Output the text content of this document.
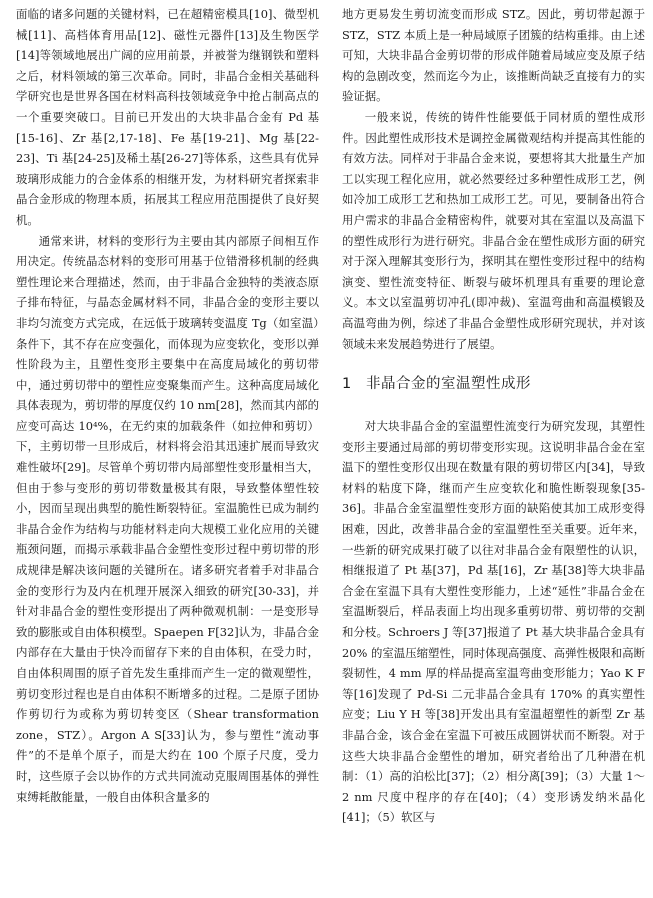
面临的诸多问题的关键材料，已在超精密模具[10]、微型机械[11]、高档体育用品[12]、磁性元器件[13]及生物医学[14]等领域地展出广阔的应用前景，并被誉为继钢铁和塑料之后，材料领域的第三次革命。同时，非晶合金相关基础科学研究也是世界各国在材料高科技领域竞争中抢占制高点的一个重要突破口。目前已开发出的大块非晶合金有 Pd 基[15-16]、Zr 基[2,17-18]、Fe 基[19-21]、Mg 基[22-23]、Ti 基[24-25]及稀土基[26-27]等体系，这些具有优异玻璃形成能力的合金体系的相继开发，为材料研究者探索非晶合金形成的物理本质，拓展其工程应用范围提供了良好契机。

通常来讲，材料的变形行为主要由其内部原子间相互作用决定。传统晶态材料的变形可用基于位错滑移机制的经典塑性理论来合理描述，然而，由于非晶合金独特的类液态原子排布特征，与晶态金属材料不同，非晶合金的变形主要以非均匀流变方式完成，在远低于玻璃转变温度 Tg（如室温）条件下，其不存在应变强化，而体现为应变软化，变形以弹性阶段为主，且塑性变形主要集中在高度局域化的剪切带中，通过剪切带中的塑性应变聚集而产生。这种高度局域化具体表现为，剪切带的厚度仅约 10 nm[28]，然而其内部的应变可高达 10⁴%，在无约束的加载条件（如拉伸和剪切）下，主剪切带一旦形成后，材料将会沿其迅速扩展而导致灾难性破坏[29]。尽管单个剪切带内局部塑性变形量相当大，但由于参与变形的剪切带数量极其有限，导致整体塑性较小，因而呈现出典型的脆性断裂特征。室温脆性已成为制约非晶合金作为结构与功能材料走向大规模工业化应用的关键瓶颈问题，而揭示承载非晶合金塑性变形过程中剪切带的形成规律是解决该问题的关键所在。诸多研究者着手对非晶合金的变形行为及内在机理开展深入细致的研究[30-33]，并针对非晶合金的塑性变形提出了两种微观机制：一是变形导致的膨胀或自由体积模型。Spaepen F[32]认为，非晶合金内部存在大量由于快冷而留存下来的自由体积，在受力时，自由体积周围的原子首先发生重排而产生一定的微观塑性，剪切变形过程也是自由体积不断增多的过程。二是原子团协作剪切行为或称为剪切转变区（Shear transformation zone，STZ）。Argon A S[33]认为，参与塑性“流动事件”的不是单个原子，而是大约在 100 个原子尺度，受力时，这些原子会以协作的方式共同流动克服周围基体的弹性束缚耗散能量，一般自由体积含量多的

地方更易发生剪切流变而形成 STZ。因此，剪切带起源于 STZ，STZ 本质上是一种局域原子团簇的结构重排。由上述可知，大块非晶合金剪切带的形成伴随着局域应变及原子结构的急剧改变，然而迄今为止，该推断尚缺乏直接有力的实验证据。

一般来说，传统的铸件性能要低于同材质的塑性成形件。因此塑性成形技术是调控金属微观结构并提高其性能的有效方法。同样对于非晶合金来说，要想将其大批量生产加工以实现工程化应用，就必然要经过多种塑性成形工艺，例如冷加工成形工艺和热加工成形工艺。可见，要制备出符合用户需求的非晶合金精密构件，就要对其在室温以及高温下的塑性成形行为进行研究。非晶合金在塑性成形方面的研究对于深入理解其变形行为，探明其在塑性变形过程中的结构演变、塑性流变特征、断裂与破坏机理具有重要的理论意义。本文以室温剪切冲孔(即冲裁)、室温弯曲和高温模锻及高温弯曲为例，综述了非晶合金塑性成形研究现状，并对该领域未来发展趋势进行了展望。

1 非晶合金的室温塑性成形

对大块非晶合金的室温塑性流变行为研究发现，其塑性变形主要通过局部的剪切带变形实现。这说明非晶合金在室温下的塑性变形仅出现在数量有限的剪切带区内[34]，导致材料的粘度下降，继而产生应变软化和脆性断裂现象[35-36]。非晶合金室温塑性变形方面的缺陷使其加工成形变得困难，因此，改善非晶合金的室温塑性至关重要。近年来，一些新的研究成果打破了以往对非晶合金有限塑性的认识，相继报道了 Pt 基[37]，Pd 基[16]，Zr 基[38]等大块非晶合金在室温下具有大塑性变形能力，上述“延性”非晶合金在室温断裂后，样品表面上均出现多重剪切带、剪切带的交割和分枝。Schroers J 等[37]报道了 Pt 基大块非晶合金具有 20% 的室温压缩塑性，同时体现高强度、高弹性极限和高断裂韧性，4 mm 厚的样品提高室温弯曲变形能力；Yao K F 等[16]发现了 Pd-Si 二元非晶合金具有 170% 的真实塑性应变；Liu Y H 等[38]开发出具有室温超塑性的新型 Zr 基非晶合金，该合金在室温下可被压成圆饼状而不断裂。对于这些大块非晶合金塑性的增加，研究者给出了几种潜在机制：（1）高的泊松比[37]；（2）相分离[39]；（3）大量 1～2 nm 尺度中程序的存在[40]；（4）变形诱发纳米晶化[41]；（5）软区与
